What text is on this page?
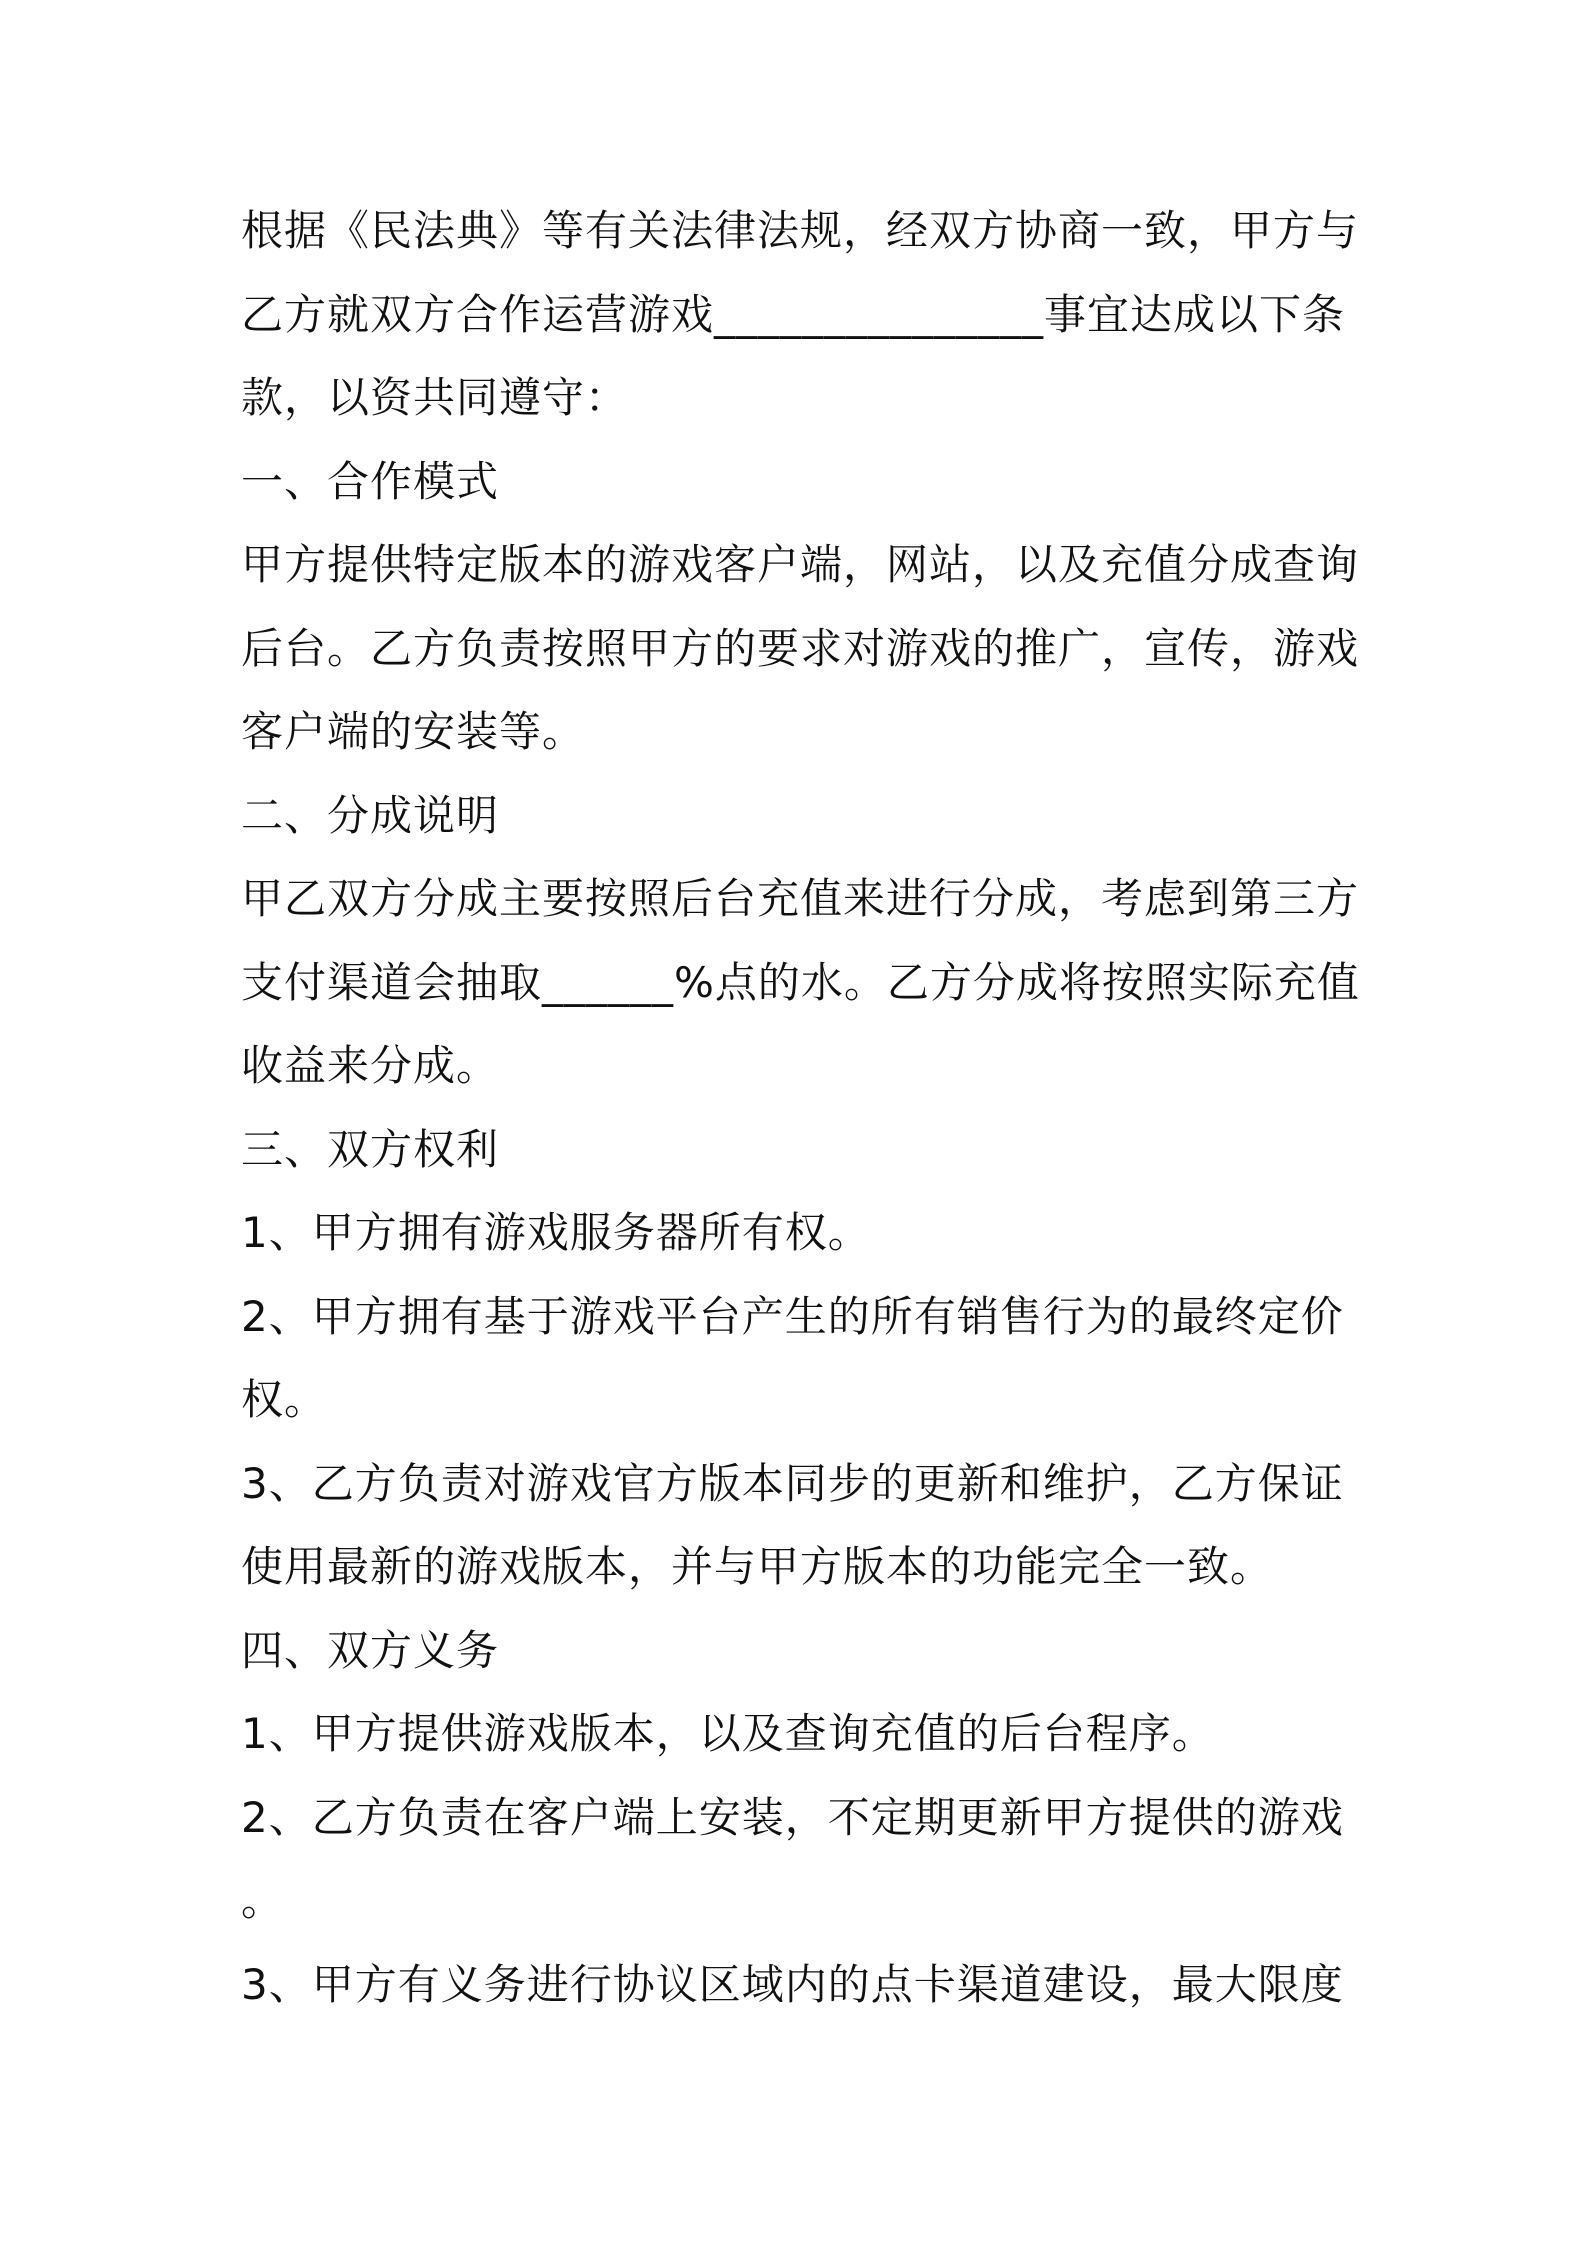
根据《民法典》等有关法律法规，经双方协商一致，甲方与
乙方就双方合作运营游戏_______________事宜达成以下条
款，以资共同遵守：
一、合作模式
甲方提供特定版本的游戏客户端，网站，以及充值分成查询
后台。乙方负责按照甲方的要求对游戏的推广，宣传，游戏
客户端的安装等。
二、分成说明
甲乙双方分成主要按照后台充值来进行分成，考虑到第三方
支付渠道会抽取______%点的水。乙方分成将按照实际充值
收益来分成。
三、双方权利
1、甲方拥有游戏服务器所有权。
2、甲方拥有基于游戏平台产生的所有销售行为的最终定价
权。
3、乙方负责对游戏官方版本同步的更新和维护，乙方保证
使用最新的游戏版本，并与甲方版本的功能完全一致。
四、双方义务
1、甲方提供游戏版本，以及查询充值的后台程序。
2、乙方负责在客户端上安装，不定期更新甲方提供的游戏
。
3、甲方有义务进行协议区域内的点卡渠道建设，最大限度
